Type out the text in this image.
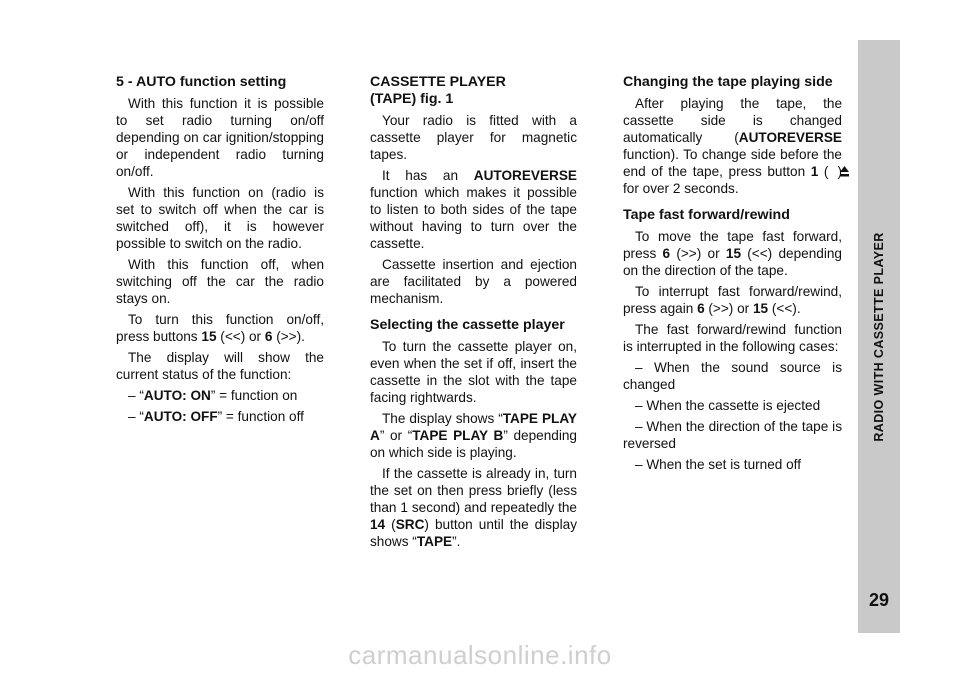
5 - AUTO function setting

With this function it is possible to set radio turning on/off depending on car ignition/stopping or independent radio turning on/off.

With this function on (radio is set to switch off when the car is switched off), it is however possible to switch on the radio.

With this function off, when switching off the car the radio stays on.

To turn this function on/off, press buttons 15 (<<) or 6 (>>).

The display will show the current status of the function:

– “AUTO: ON” = function on

– “AUTO: OFF” = function off

CASSETTE PLAYER
(TAPE) fig. 1

Your radio is fitted with a cassette player for magnetic tapes.

It has an AUTOREVERSE function which makes it possible to listen to both sides of the tape without having to turn over the cassette.

Cassette insertion and ejection are facilitated by a powered mechanism.

Selecting the cassette player

To turn the cassette player on, even when the set if off, insert the cassette in the slot with the tape facing rightwards.

The display shows “TAPE PLAY A” or “TAPE PLAY B” depending on which side is playing.

If the cassette is already in, turn the set on then press briefly (less than 1 second) and repeatedly the 14 (SRC) button until the display shows “TAPE”.

Changing the tape playing side

After playing the tape, the cassette side is changed automatically (AUTOREVERSE function). To change side before the end of the tape, press button 1 ( ) for over 2 seconds.

Tape fast forward/rewind

To move the tape fast forward, press 6 (>>) or 15 (<<) depending on the direction of the tape.

To interrupt fast forward/rewind, press again 6 (>>) or 15 (<<).

The fast forward/rewind function is interrupted in the following cases:

– When the sound source is changed

– When the cassette is ejected

– When the direction of the tape is reversed

– When the set is turned off

RADIO WITH CASSETTE PLAYER
29
carmanualsonline.info
